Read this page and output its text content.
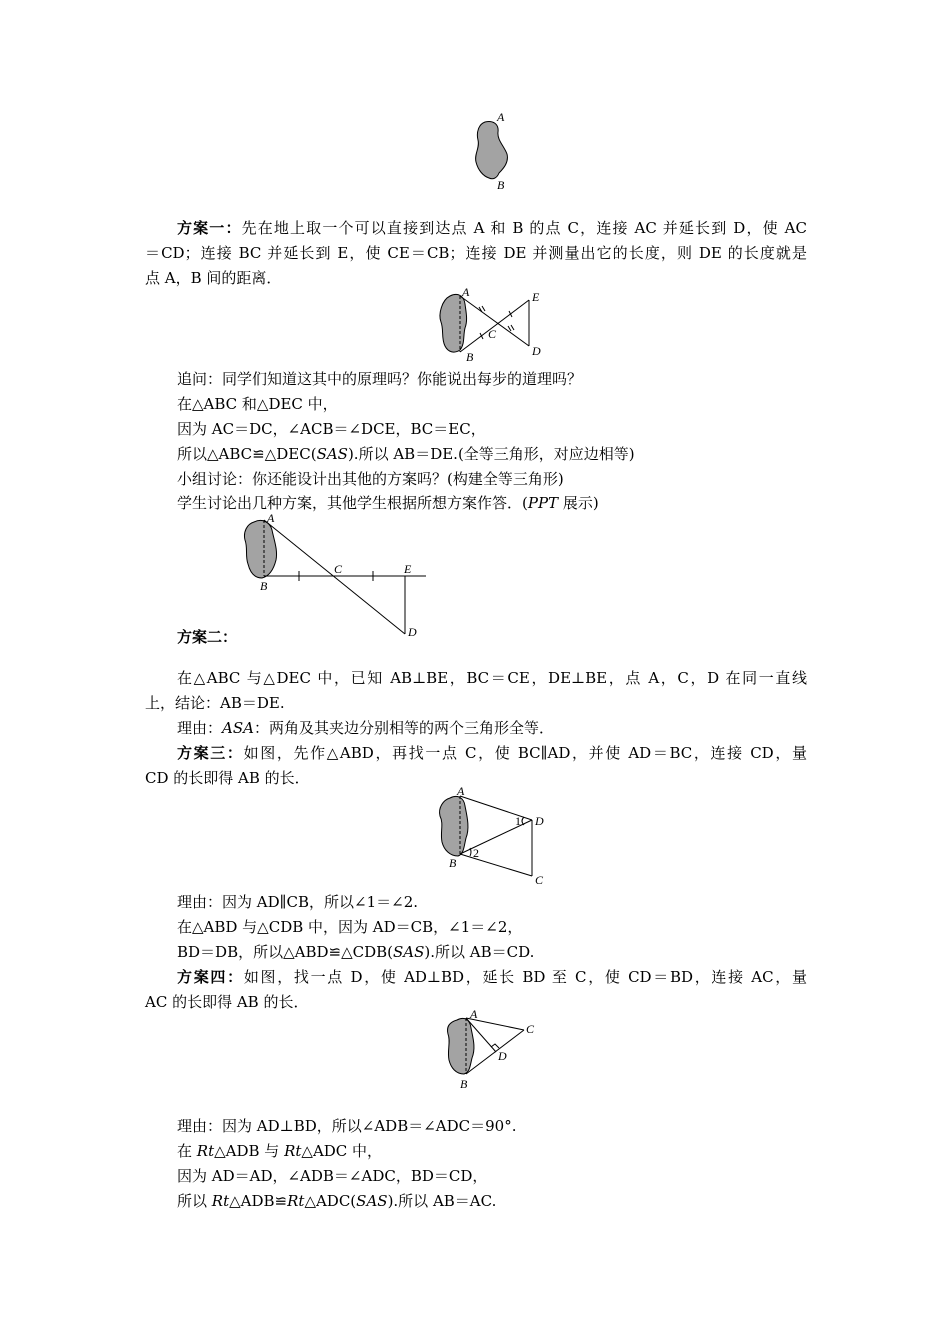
A
B
方案一：先在地上取一个可以直接到达点 A 和 B 的点 C，连接 AC 并延长到 D，使 AC
＝CD；连接 BC 并延长到 E，使 CE＝CB；连接 DE 并测量出它的长度，则 DE 的长度就是
点 A，B 间的距离．
A
B
C
E
D
追问：同学们知道这其中的原理吗？你能说出每步的道理吗？
在△ABC 和△DEC 中，
因为 AC＝DC，∠ACB＝∠DCE，BC＝EC，
所以△ABC≌△DEC(SAS).所以 AB＝DE.(全等三角形，对应边相等)
小组讨论：你还能设计出其他的方案吗？(构建全等三角形)
学生讨论出几种方案，其他学生根据所想方案作答．(PPT 展示)
A
B
C	E
D
方案二：
在△ABC 与△DEC 中，已知 AB⊥BE，BC＝CE，DE⊥BE，点 A，C，D 在同一直线
上，结论：AB＝DE.
理由：ASA：两角及其夹边分别相等的两个三角形全等．
方案三：如图，先作△ABD，再找一点 C，使 BC∥AD，并使 AD＝BC，连接 CD，量
CD 的长即得 AB 的长．
A
B
D
C
1
2
理由：因为 AD∥CB，所以∠1＝∠2.
在△ABD 与△CDB 中，因为 AD＝CB，∠1＝∠2，
BD＝DB，所以△ABD≌△CDB(SAS).所以 AB＝CD.
方案四：如图，找一点 D，使 AD⊥BD，延长 BD 至 C，使 CD＝BD，连接 AC，量
AC 的长即得 AB 的长．
A
B
C
D
理由：因为 AD⊥BD，所以∠ADB＝∠ADC＝90°.
在 Rt△ADB 与 Rt△ADC 中，
因为 AD＝AD，∠ADB＝∠ADC，BD＝CD，
所以 Rt△ADB≌Rt△ADC(SAS).所以 AB＝AC.
